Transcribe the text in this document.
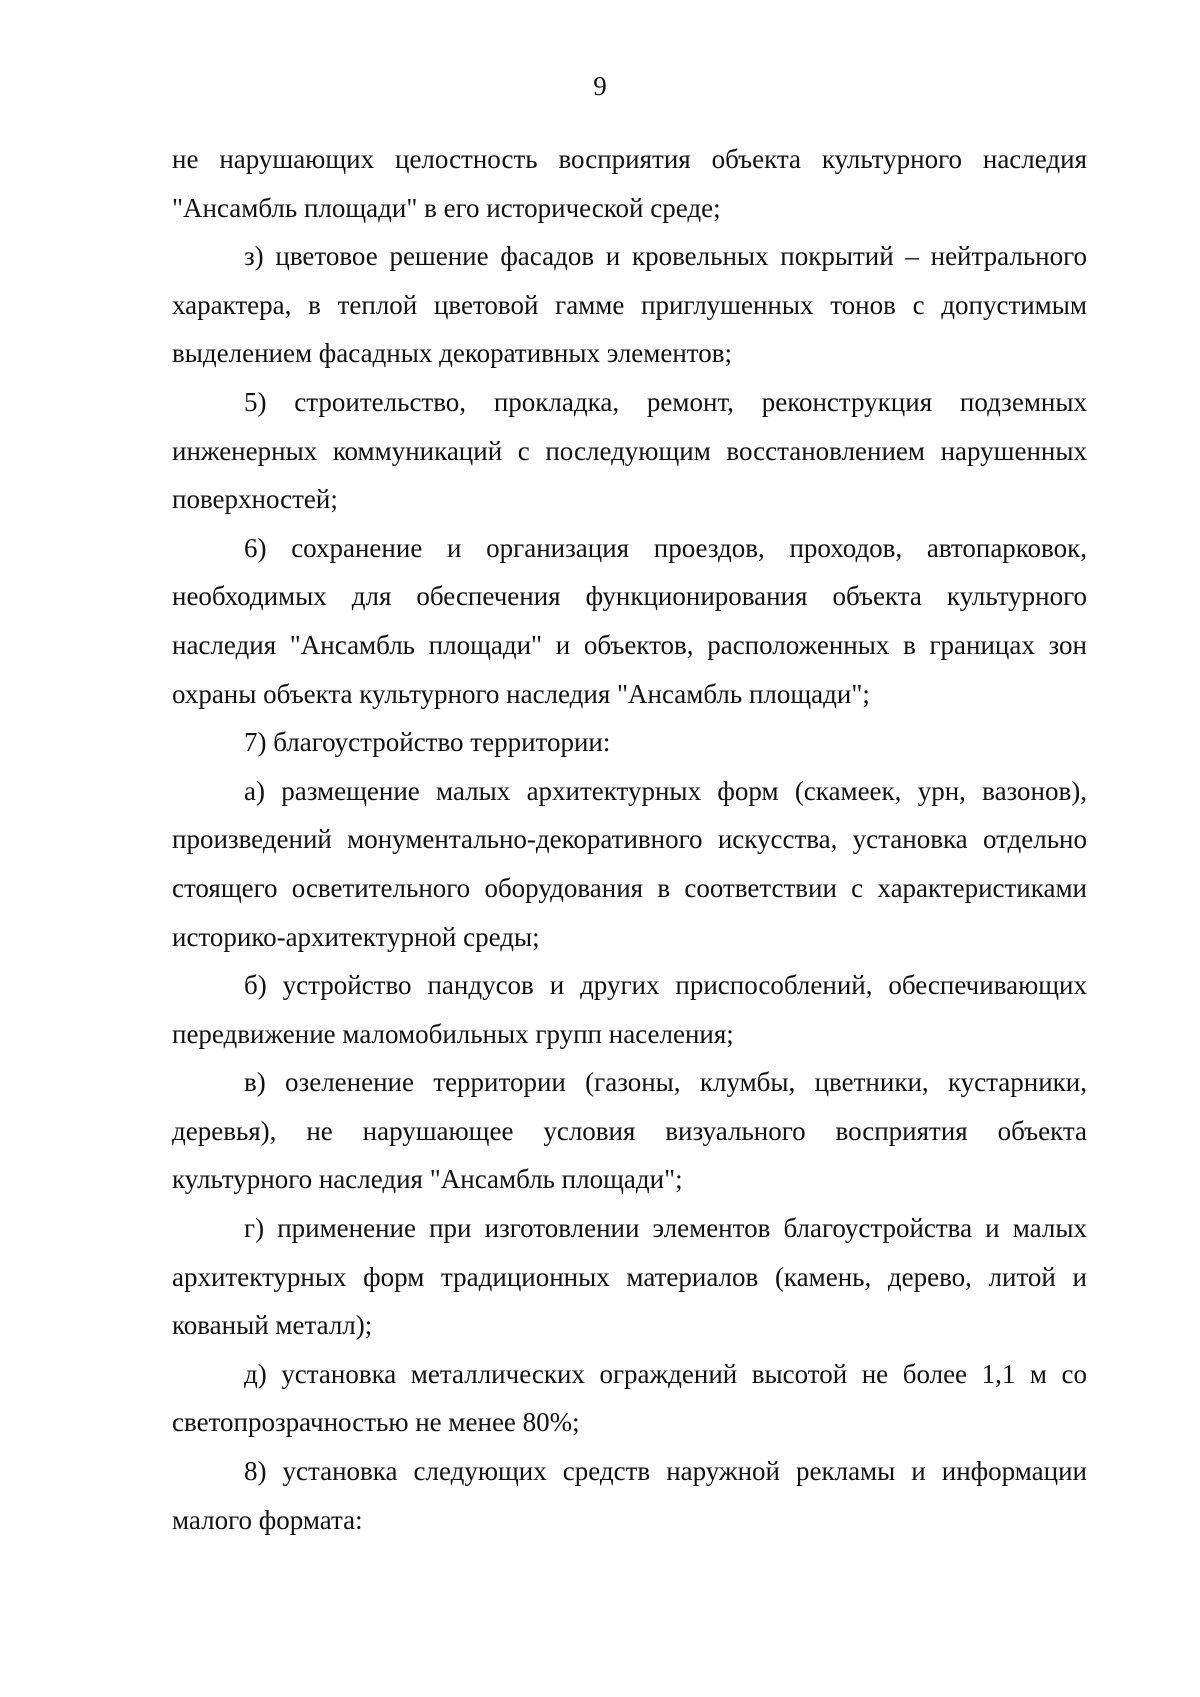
9

не нарушающих целостность восприятия объекта культурного наследия "Ансамбль площади" в его исторической среде;

з) цветовое решение фасадов и кровельных покрытий – нейтрального характера, в теплой цветовой гамме приглушенных тонов с допустимым выделением фасадных декоративных элементов;

5) строительство, прокладка, ремонт, реконструкция подземных инженерных коммуникаций с последующим восстановлением нарушенных поверхностей;

6) сохранение и организация проездов, проходов, автопарковок, необходимых для обеспечения функционирования объекта культурного наследия "Ансамбль площади" и объектов, расположенных в границах зон охраны объекта культурного наследия "Ансамбль площади";

7) благоустройство территории:

а) размещение малых архитектурных форм (скамеек, урн, вазонов), произведений монументально-декоративного искусства, установка отдельно стоящего осветительного оборудования в соответствии с характеристиками историко-архитектурной среды;

б) устройство пандусов и других приспособлений, обеспечивающих передвижение маломобильных групп населения;

в) озеленение территории (газоны, клумбы, цветники, кустарники, деревья), не нарушающее условия визуального восприятия объекта культурного наследия "Ансамбль площади";

г) применение при изготовлении элементов благоустройства и малых архитектурных форм традиционных материалов (камень, дерево, литой и кованый металл);

д) установка металлических ограждений высотой не более 1,1 м со светопрозрачностью не менее 80%;

8) установка следующих средств наружной рекламы и информации малого формата:
